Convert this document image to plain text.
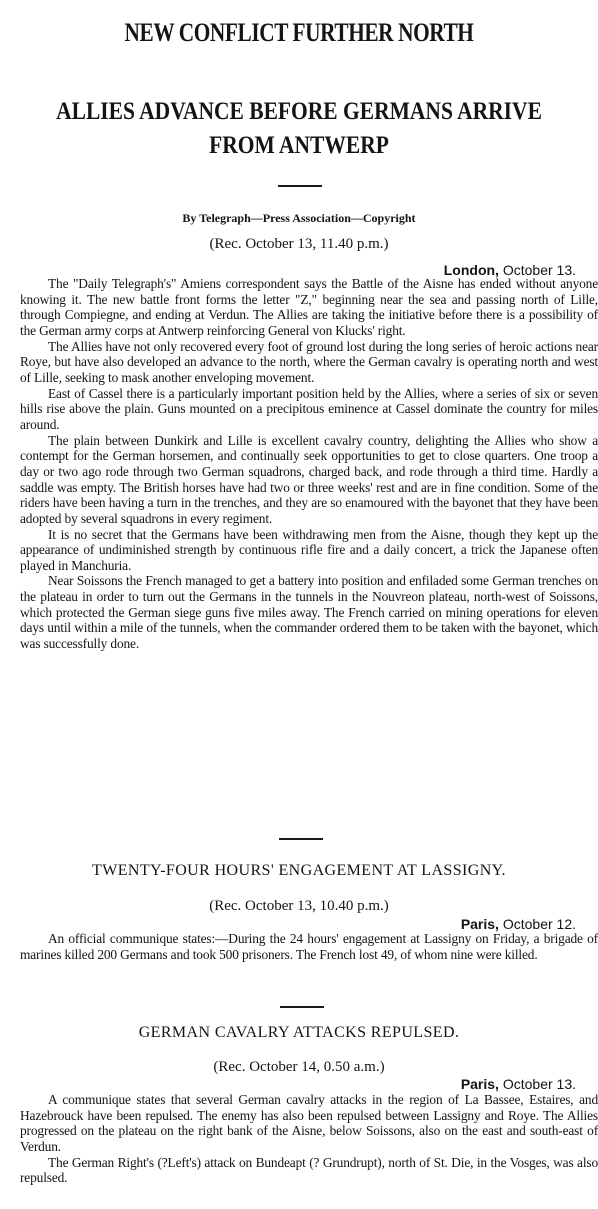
NEW CONFLICT FURTHER NORTH
ALLIES ADVANCE BEFORE GERMANS ARRIVE FROM ANTWERP
By Telegraph—Press Association—Copyright
(Rec. October 13, 11.40 p.m.)
London, October 13.

The "Daily Telegraph's" Amiens correspondent says the Battle of the Aisne has ended without anyone knowing it. The new battle front forms the letter "Z," beginning near the sea and passing north of Lille, through Compiegne, and ending at Verdun. The Allies are taking the initiative before there is a possibility of the German army corps at Antwerp reinforcing General von Klucks' right.

The Allies have not only recovered every foot of ground lost during the long series of heroic actions near Roye, but have also developed an advance to the north, where the German cavalry is operating north and west of Lille, seeking to mask another enveloping movement.

East of Cassel there is a particularly important position held by the Allies, where a series of six or seven hills rise above the plain. Guns mounted on a precipitous eminence at Cassel dominate the country for miles around.

The plain between Dunkirk and Lille is excellent cavalry country, delighting the Allies who show a contempt for the German horsemen, and continually seek opportunities to get to close quarters. One troop a day or two ago rode through two German squadrons, charged back, and rode through a third time. Hardly a saddle was empty. The British horses have had two or three weeks' rest and are in fine condition. Some of the riders have been having a turn in the trenches, and they are so enamoured with the bayonet that they have been adopted by several squadrons in every regiment.

It is no secret that the Germans have been withdrawing men from the Aisne, though they kept up the appearance of undiminished strength by continuous rifle fire and a daily concert, a trick the Japanese often played in Manchuria.

Near Soissons the French managed to get a battery into position and enfiladed some German trenches on the plateau in order to turn out the Germans in the tunnels in the Nouvreon plateau, north-west of Soissons, which protected the German siege guns five miles away. The French carried on mining operations for eleven days until within a mile of the tunnels, when the commander ordered them to be taken with the bayonet, which was successfully done.

TWENTY-FOUR HOURS' ENGAGEMENT AT LASSIGNY.
(Rec. October 13, 10.40 p.m.)
Paris, October 12.

An official communique states:—During the 24 hours' engagement at Lassigny on Friday, a brigade of marines killed 200 Germans and took 500 prisoners. The French lost 49, of whom nine were killed.

GERMAN CAVALRY ATTACKS REPULSED.
(Rec. October 14, 0.50 a.m.)
Paris, October 13.

A communique states that several German cavalry attacks in the region of La Bassee, Estaires, and Hazebrouck have been repulsed. The enemy has also been repulsed between Lassigny and Roye. The Allies progressed on the plateau on the right bank of the Aisne, below Soissons, also on the east and south-east of Verdun.

The German Right's (?Left's) attack on Bundeapt (? Grundrupt), north of St. Die, in the Vosges, was also repulsed.
